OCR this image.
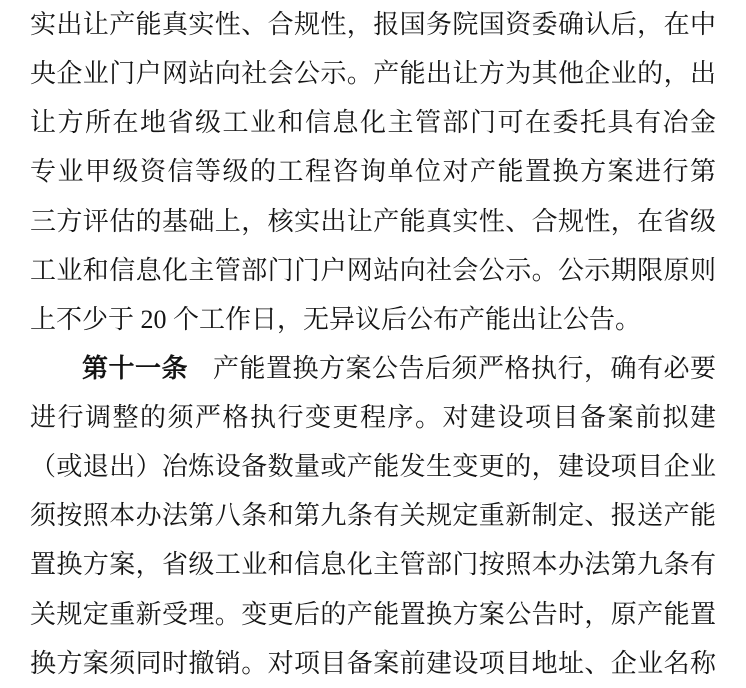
实出让产能真实性、合规性，报国务院国资委确认后，在中
央企业门户网站向社会公示。产能出让方为其他企业的，出
让方所在地省级工业和信息化主管部门可在委托具有冶金
专业甲级资信等级的工程咨询单位对产能置换方案进行第
三方评估的基础上，核实出让产能真实性、合规性，在省级
工业和信息化主管部门门户网站向社会公示。公示期限原则
上不少于 20 个工作日，无异议后公布产能出让公告。
第十一条 产能置换方案公告后须严格执行，确有必要
进行调整的须严格执行变更程序。对建设项目备案前拟建
（或退出）冶炼设备数量或产能发生变更的，建设项目企业
须按照本办法第八条和第九条有关规定重新制定、报送产能
置换方案，省级工业和信息化主管部门按照本办法第九条有
关规定重新受理。变更后的产能置换方案公告时，原产能置
换方案须同时撤销。对项目备案前建设项目地址、企业名称
